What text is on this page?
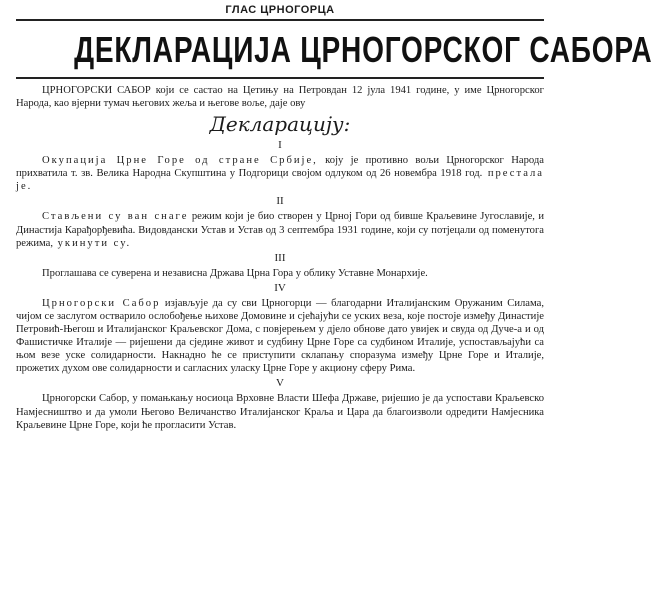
ГЛАС ЦРНОГОРЦА
ДЕКЛАРАЦИЈА ЦРНОГОРСКОГ САБОРА

ЦРНОГОРСКИ САБОР који се састао на Цетињу на Петровдан 12 јула 1941 године, у име Црногорског Народа, као вјерни тумач његових жеља и његове воље, даје ову

Декларацију:
I

Окупација Црне Горе од стране Србије, коју је противно вољи Црногорског Народа прихватила т. зв. Велика Народна Скупштина у Подгорици својом одлуком од 26 новембра 1918 год. престала је.

II

Стављени су ван снаге режим који је био створен у Црној Гори од бивше Краљевине Југославије, и Династија Карађорђевића. Видовдански Устав и Устав од 3 септембра 1931 године, који су потјецали од поменутога режима, укинути су.

III

Проглашава се суверена и независна Држава Црна Гора у облику Уставне Монархије.

IV

Црногорски Сабор изјављује да су сви Црногорци — благодарни Италијанским Оружаним Силама, чијом се заслугом остварило ослобођење њихове Домовине и сјећајући се уских веза, које постоје између Династије Петровић-Његош и Италијанског Краљевског Дома, с повјерењем у дјело обнове дато увијек и свуда од Дуче-а и од Фашистичке Италије — ријешени да сједине живот и судбину Црне Горе са судбином Италије, успостављајући са њом везе уске солидарности. Накнадно ће се приступити склапању споразума између Црне Горе и Италије, прожетих духом ове солидарности и сагласних уласку Црне Горе у акциону сферу Рима.

V

Црногорски Сабор, у помањкању носиоца Врховне Власти Шефа Државе, ријешио је да успостави Краљевско Намјесништво и да умоли Његово Величанство Италијанског Краља и Цара да благоизволи одредити Намјесника Краљевине Црне Горе, који ће прогласити Устав.
